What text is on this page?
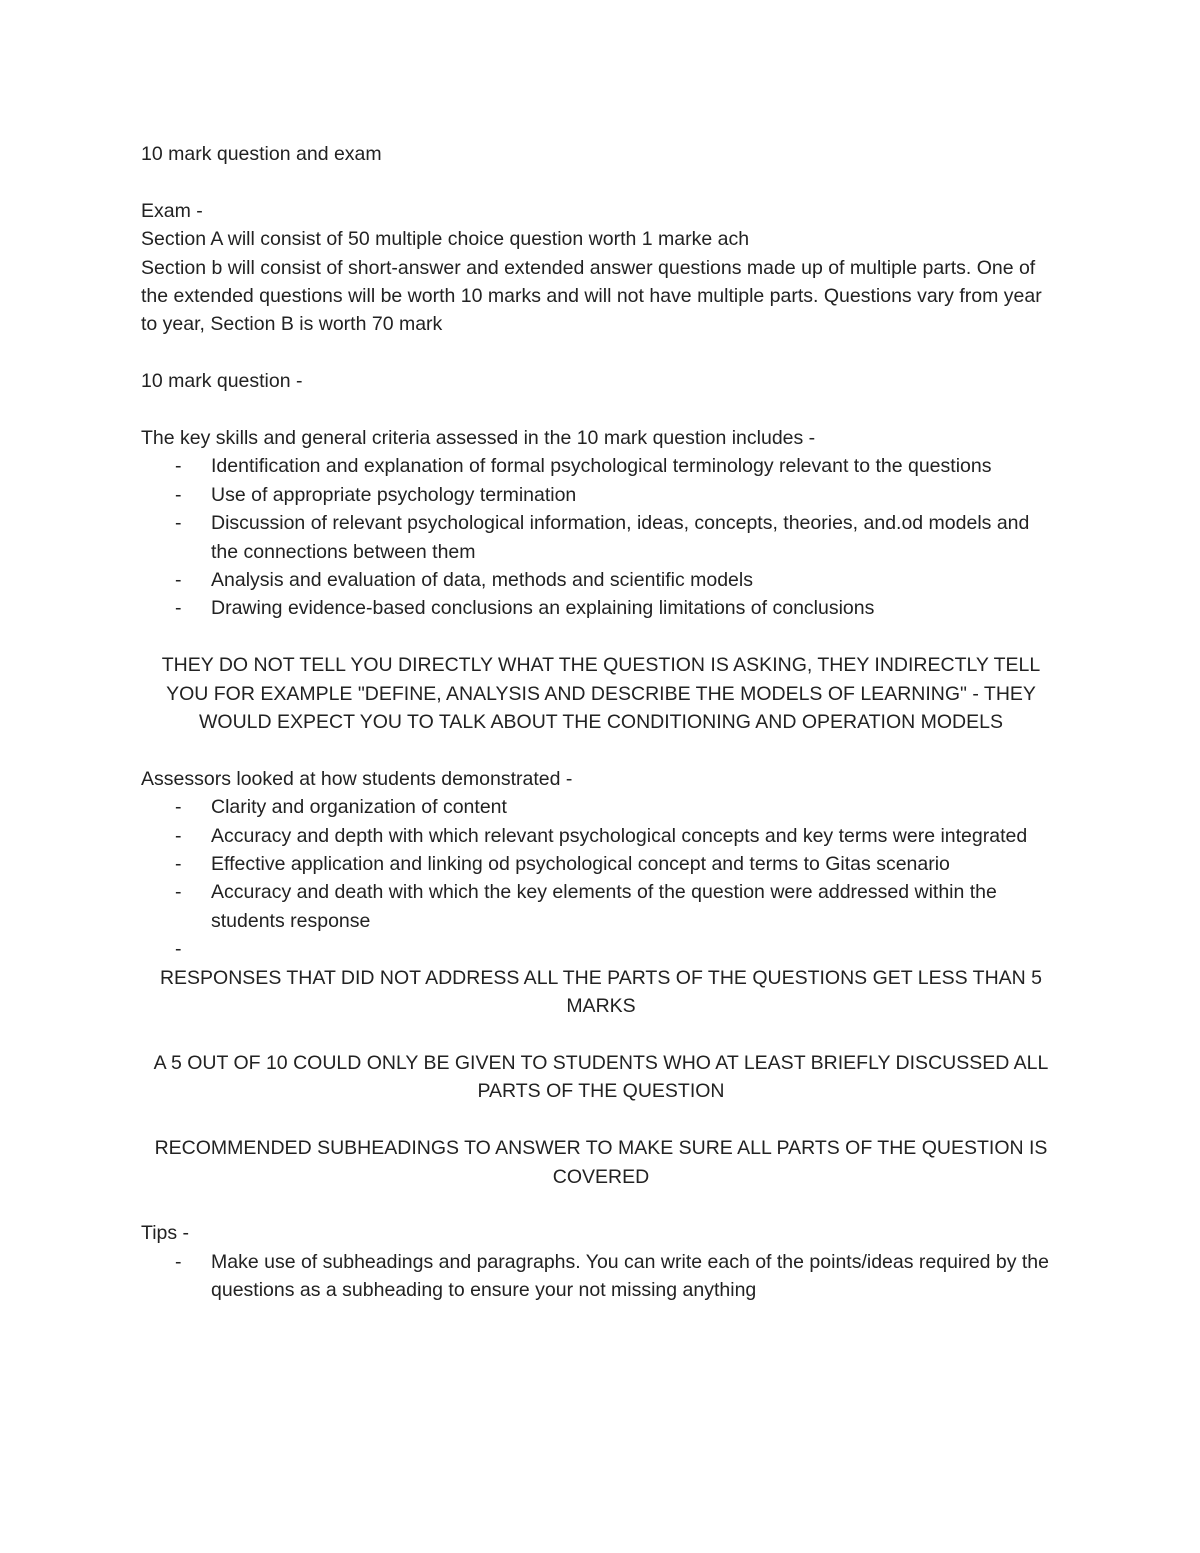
10 mark question and exam

Exam -

Section A will consist of 50 multiple choice question worth 1 marke ach

Section b will consist of short-answer and extended answer questions made up of multiple parts. One of the extended questions will be worth 10 marks and will not have multiple parts. Questions vary from year to year, Section B is worth 70 mark

10 mark question -

The key skills and general criteria assessed in the 10 mark question includes -

- Identification and explanation of formal psychological terminology relevant to the questions
- Use of appropriate psychology termination
- Discussion of relevant psychological information, ideas, concepts, theories, and.od models and the connections between them
- Analysis and evaluation of data, methods and scientific models
- Drawing evidence-based conclusions an explaining limitations of conclusions

THEY DO NOT TELL YOU DIRECTLY WHAT THE QUESTION IS ASKING, THEY INDIRECTLY TELL YOU FOR EXAMPLE "DEFINE, ANALYSIS AND DESCRIBE THE MODELS OF LEARNING" - THEY WOULD EXPECT YOU TO TALK ABOUT THE CONDITIONING AND OPERATION MODELS

Assessors looked at how students demonstrated -

- Clarity and organization of content
- Accuracy and depth with which relevant psychological concepts and key terms were integrated
- Effective application and linking od psychological concept and terms to Gitas scenario
- Accuracy and death with which the key elements of the question were addressed within the students response
-

RESPONSES THAT DID NOT ADDRESS ALL THE PARTS OF THE QUESTIONS GET LESS THAN 5 MARKS

A 5 OUT OF 10 COULD ONLY BE GIVEN TO STUDENTS WHO AT LEAST BRIEFLY DISCUSSED ALL PARTS OF THE QUESTION

RECOMMENDED SUBHEADINGS TO ANSWER TO MAKE SURE ALL PARTS OF THE QUESTION IS COVERED

Tips -

- Make use of subheadings and paragraphs. You can write each of the points/ideas required by the questions as a subheading to ensure your not missing anything
